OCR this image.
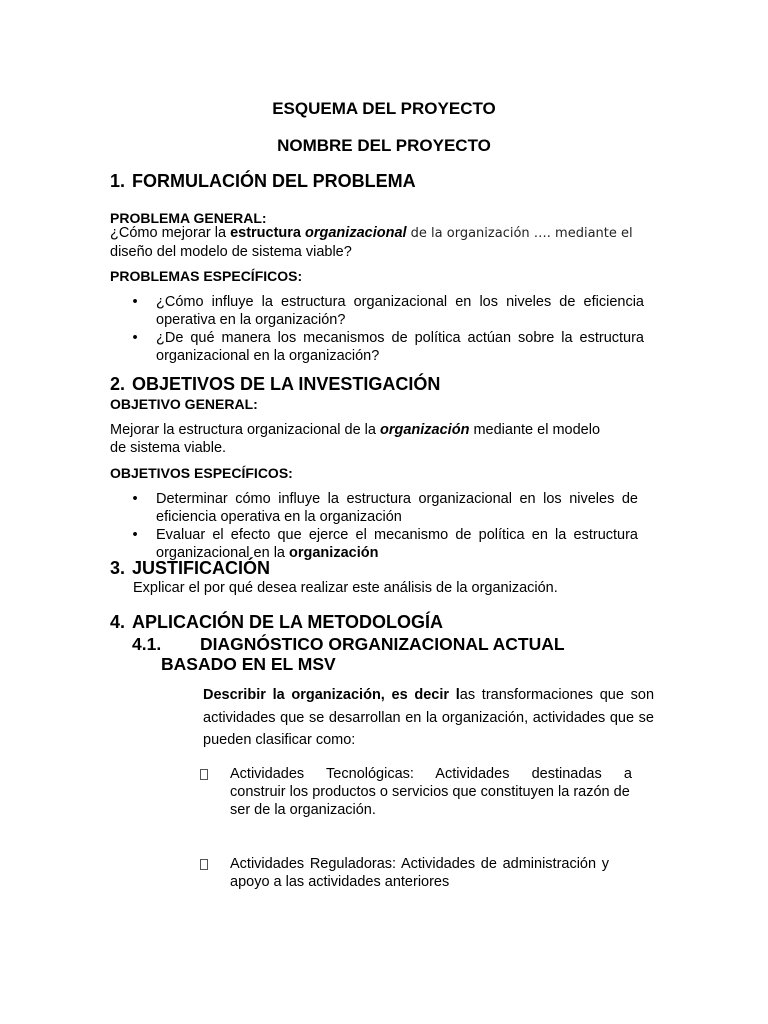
ESQUEMA DEL PROYECTO
NOMBRE DEL PROYECTO
1. FORMULACIÓN DEL PROBLEMA
PROBLEMA GENERAL:
¿Cómo mejorar la estructura organizacional de la organización …. mediante el
diseño del modelo de sistema viable?
PROBLEMAS ESPECÍFICOS:
• ¿Cómo influye la estructura organizacional en los niveles de eficiencia operativa en la organización?
• ¿De qué manera los mecanismos de política actúan sobre la estructura organizacional en la organización?
2. OBJETIVOS DE LA INVESTIGACIÓN
OBJETIVO GENERAL:
Mejorar la estructura organizacional de la organización mediante el modelo de sistema viable.
OBJETIVOS ESPECÍFICOS:
• Determinar cómo influye la estructura organizacional en los niveles de eficiencia operativa en la organización
• Evaluar el efecto que ejerce el mecanismo de política en la estructura organizacional en la organización
3. JUSTIFICACIÓN
Explicar el por qué desea realizar este análisis de la organización.
4. APLICACIÓN DE LA METODOLOGÍA
4.1. DIAGNÓSTICO ORGANIZACIONAL ACTUAL
BASADO EN EL MSV
Describir la organización, es decir las transformaciones que son actividades que se desarrollan en la organización, actividades que se pueden clasificar como:
Actividades Tecnológicas: Actividades destinadas a
construir los productos o servicios que constituyen la razón de ser de la organización.
Actividades Reguladoras: Actividades de administración y
apoyo a las actividades anteriores
